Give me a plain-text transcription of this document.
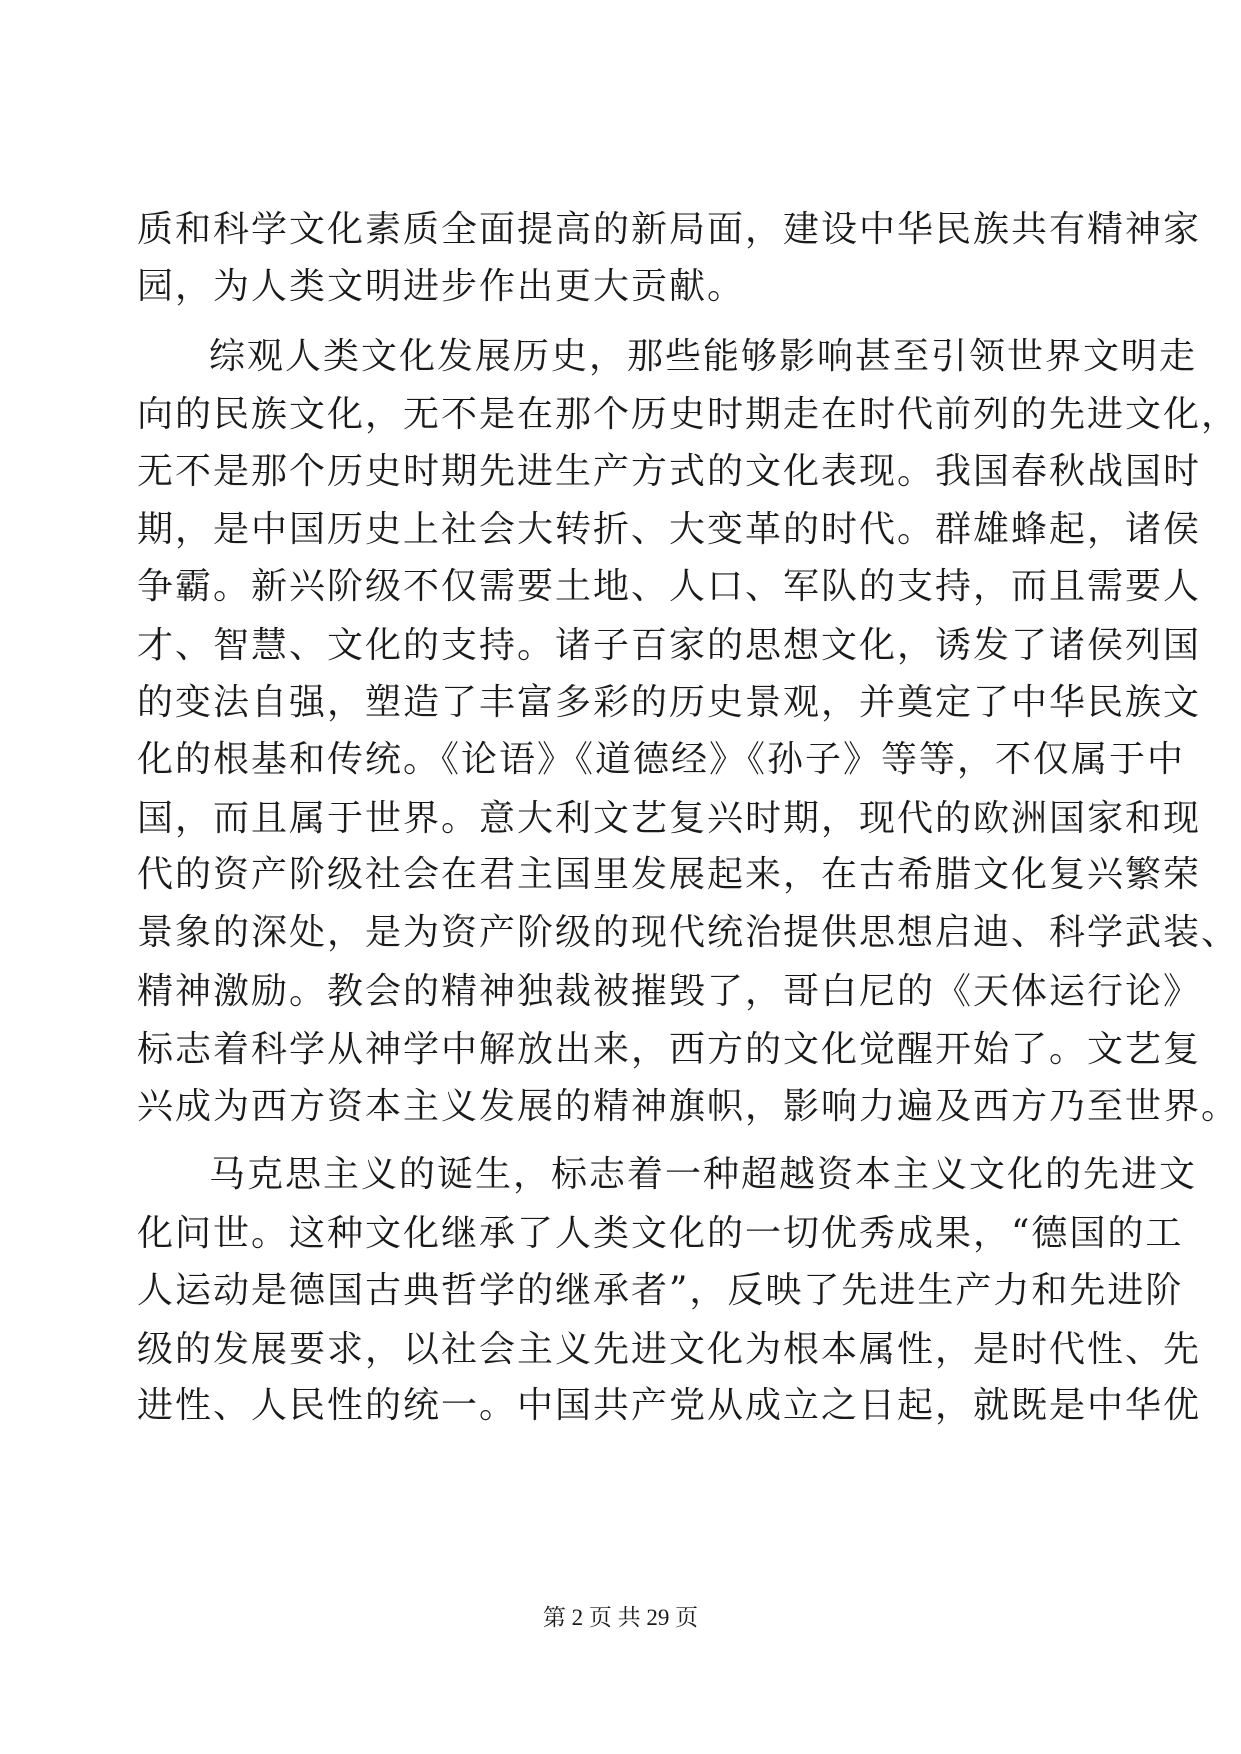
质和科学文化素质全面提高的新局面，建设中华民族共有精神家
园，为人类文明进步作出更大贡献。
综观人类文化发展历史，那些能够影响甚至引领世界文明走
向的民族文化，无不是在那个历史时期走在时代前列的先进文化，
无不是那个历史时期先进生产方式的文化表现。我国春秋战国时
期，是中国历史上社会大转折、大变革的时代。群雄蜂起，诸侯
争霸。新兴阶级不仅需要土地、人口、军队的支持，而且需要人
才、智慧、文化的支持。诸子百家的思想文化，诱发了诸侯列国
的变法自强，塑造了丰富多彩的历史景观，并奠定了中华民族文
化的根基和传统。《论语》《道德经》《孙子》等等，不仅属于中
国，而且属于世界。意大利文艺复兴时期，现代的欧洲国家和现
代的资产阶级社会在君主国里发展起来，在古希腊文化复兴繁荣
景象的深处，是为资产阶级的现代统治提供思想启迪、科学武装、
精神激励。教会的精神独裁被摧毁了，哥白尼的《天体运行论》
标志着科学从神学中解放出来，西方的文化觉醒开始了。文艺复
兴成为西方资本主义发展的精神旗帜，影响力遍及西方乃至世界。
马克思主义的诞生，标志着一种超越资本主义文化的先进文
化问世。这种文化继承了人类文化的一切优秀成果，“德国的工
人运动是德国古典哲学的继承者”，反映了先进生产力和先进阶
级的发展要求，以社会主义先进文化为根本属性，是时代性、先
进性、人民性的统一。中国共产党从成立之日起，就既是中华优
第 2 页 共 29 页
